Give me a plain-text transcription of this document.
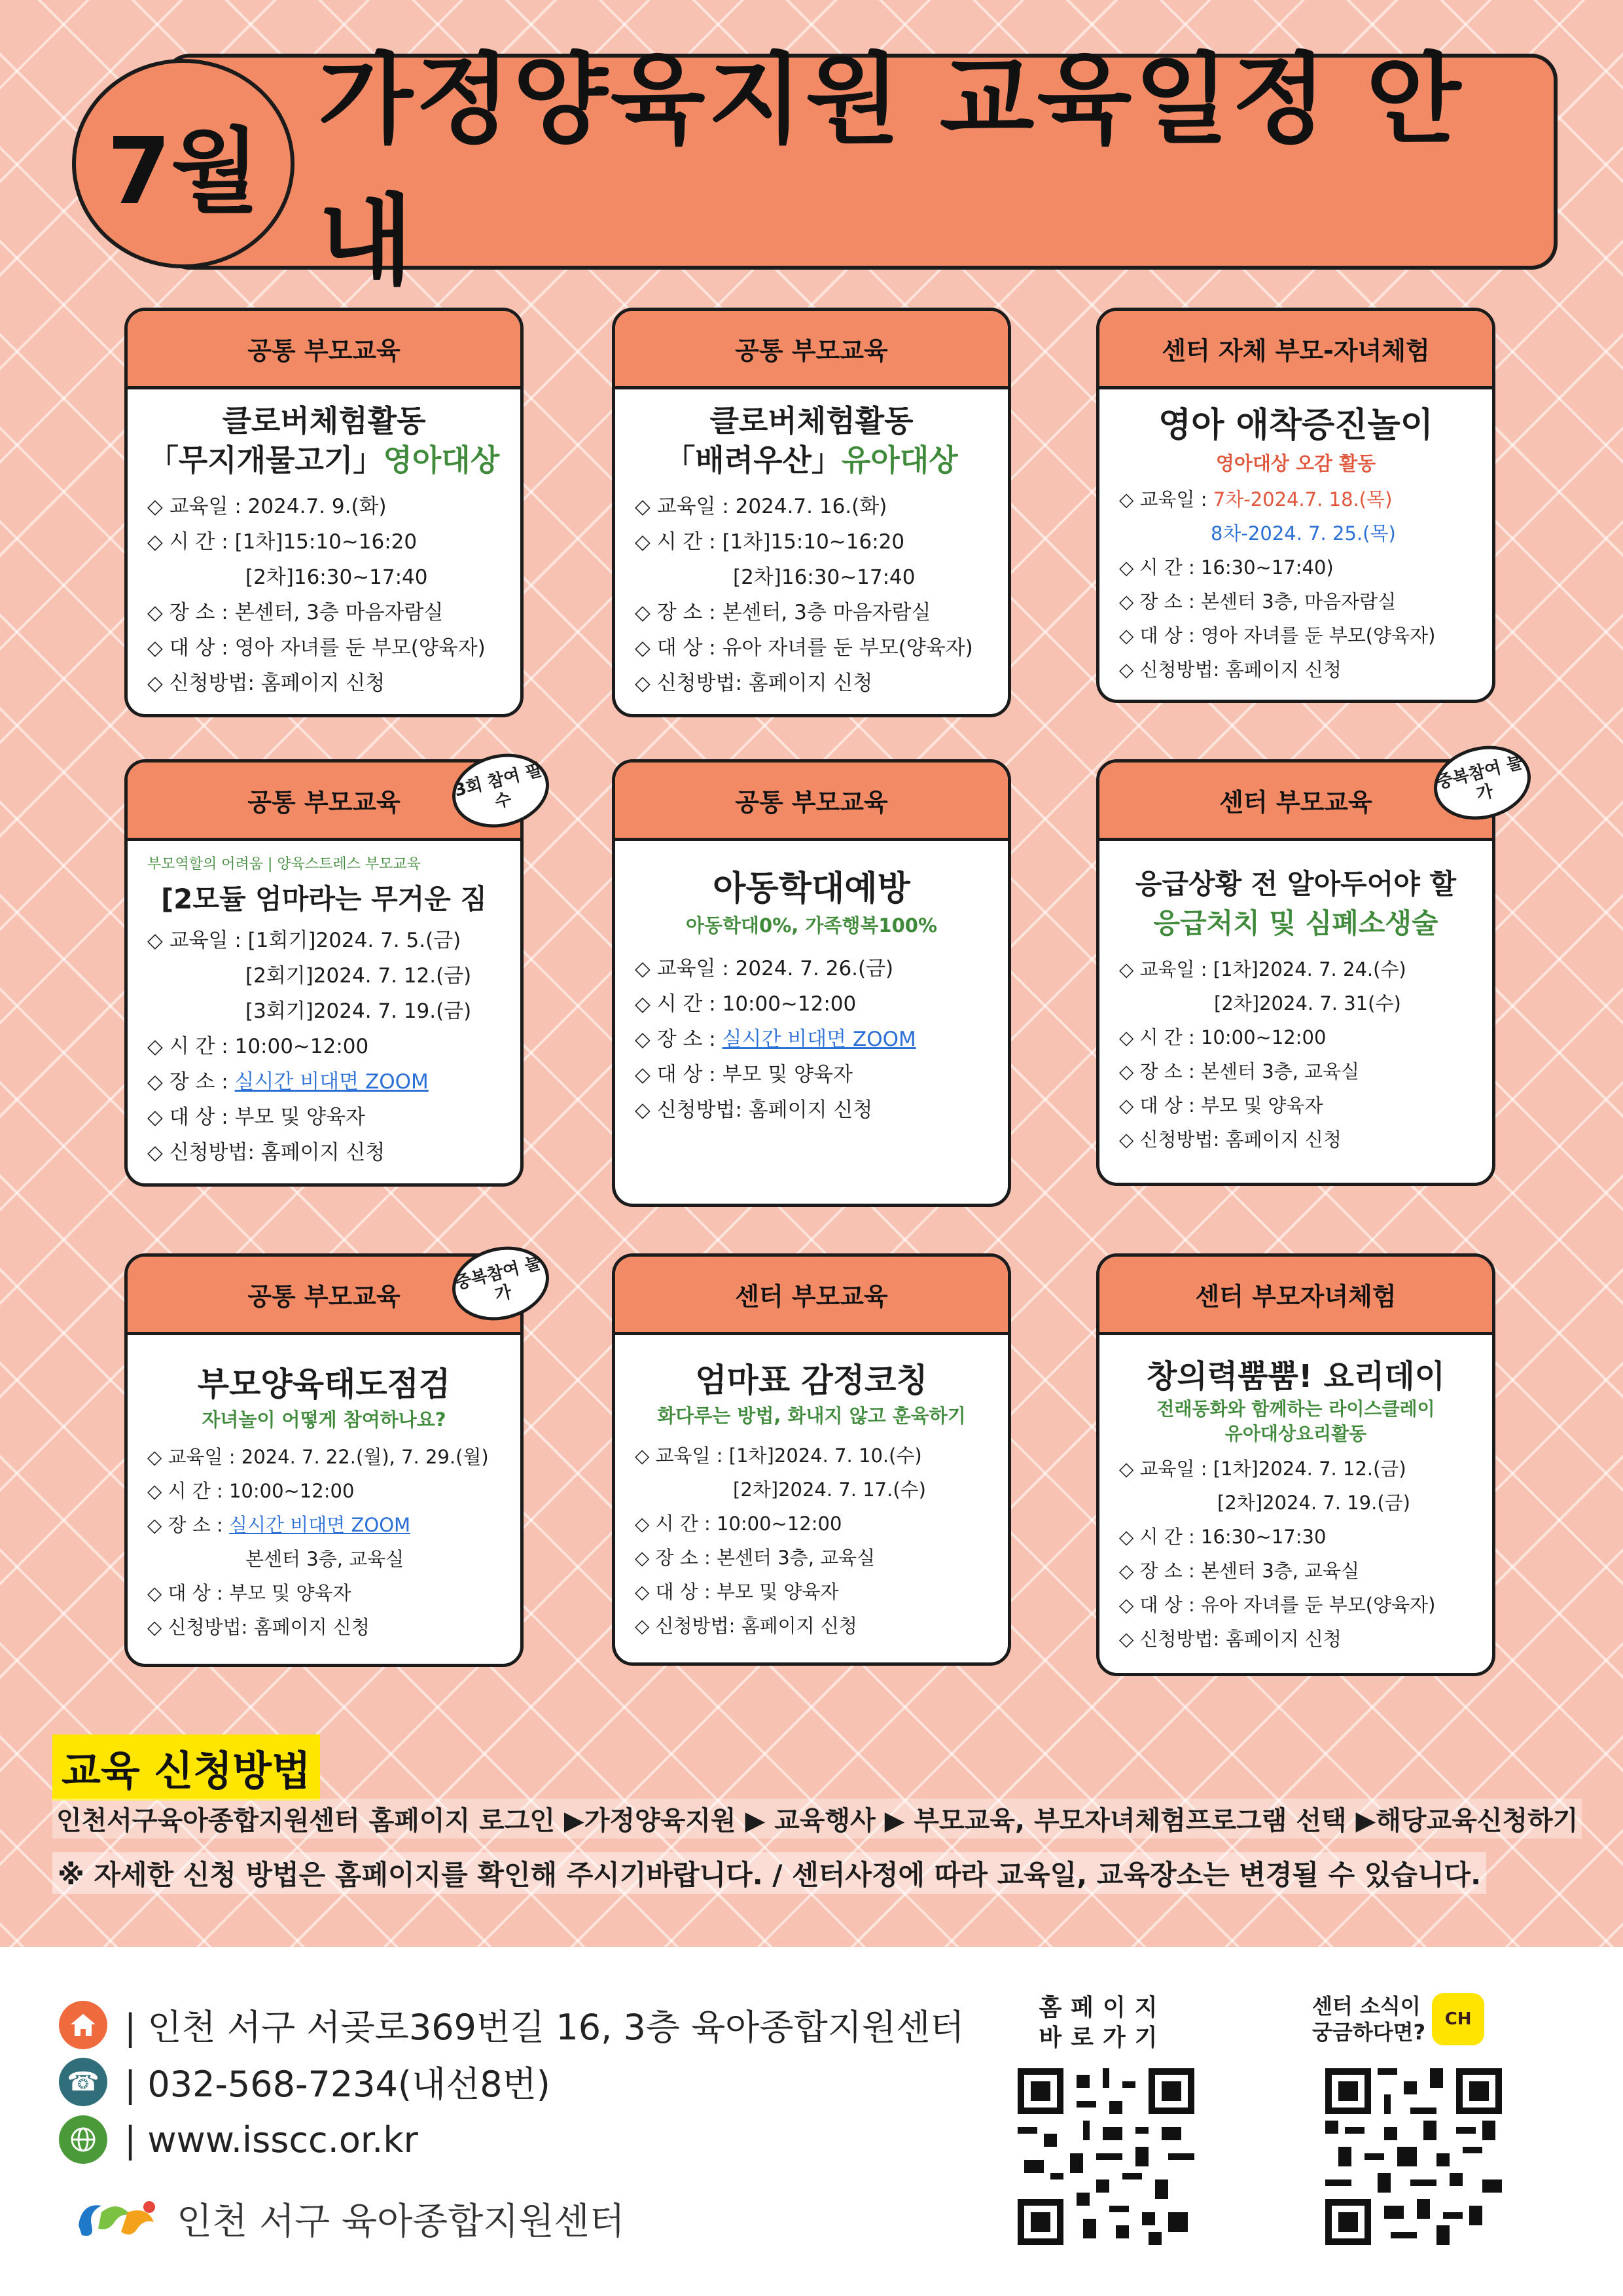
가정양육지원 교육일정 안내
7월
공통 부모교육
클로버체험활동
「무지개물고기」영아대상
◇ 교육일 : 2024.7. 9.(화)
◇ 시 간 : [1차]15:10~16:20
[2차]16:30~17:40
◇ 장 소 : 본센터, 3층 마음자람실
◇ 대 상 : 영아 자녀를 둔 부모(양육자)
◇ 신청방법: 홈페이지 신청
공통 부모교육
클로버체험활동
「배려우산」유아대상
◇ 교육일 : 2024.7. 16.(화)
◇ 시 간 : [1차]15:10~16:20
[2차]16:30~17:40
◇ 장 소 : 본센터, 3층 마음자람실
◇ 대 상 : 유아 자녀를 둔 부모(양육자)
◇ 신청방법: 홈페이지 신청
센터 자체 부모-자녀체험
영아 애착증진놀이
영아대상 오감 활동
◇ 교육일 : 7차-2024.7. 18.(목)
8차-2024. 7. 25.(목)
◇ 시 간 : 16:30~17:40)
◇ 장 소 : 본센터 3층, 마음자람실
◇ 대 상 : 영아 자녀를 둔 부모(양육자)
◇ 신청방법: 홈페이지 신청
공통 부모교육
부모역할의 어려움 | 양육스트레스 부모교육
[2모듈 엄마라는 무거운 짐
◇ 교육일 : [1회기]2024. 7. 5.(금)
[2회기]2024. 7. 12.(금)
[3회기]2024. 7. 19.(금)
◇ 시 간 : 10:00~12:00
◇ 장 소 : 실시간 비대면 ZOOM
◇ 대 상 : 부모 및 양육자
◇ 신청방법: 홈페이지 신청
3회 참여 필수	공통 부모교육
아동학대예방
아동학대0%, 가족행복100%
◇ 교육일 : 2024. 7. 26.(금)
◇ 시 간 : 10:00~12:00
◇ 장 소 : 실시간 비대면 ZOOM
◇ 대 상 : 부모 및 양육자
◇ 신청방법: 홈페이지 신청
센터 부모교육
응급상황 전 알아두어야 할
응급처치 및 심폐소생술
◇ 교육일 : [1차]2024. 7. 24.(수)
[2차]2024. 7. 31(수)
◇ 시 간 : 10:00~12:00
◇ 장 소 : 본센터 3층, 교육실
◇ 대 상 : 부모 및 양육자
◇ 신청방법: 홈페이지 신청
중복참여 불가
공통 부모교육
부모양육태도점검
자녀놀이 어떻게 참여하나요?
◇ 교육일 : 2024. 7. 22.(월), 7. 29.(월)
◇ 시 간 : 10:00~12:00
◇ 장 소 : 실시간 비대면 ZOOM
본센터 3층, 교육실
◇ 대 상 : 부모 및 양육자
◇ 신청방법: 홈페이지 신청
중복참여 불가	센터 부모교육
엄마표 감정코칭
화다루는 방법, 화내지 않고 훈육하기
◇ 교육일 : [1차]2024. 7. 10.(수)
[2차]2024. 7. 17.(수)
◇ 시 간 : 10:00~12:00
◇ 장 소 : 본센터 3층, 교육실
◇ 대 상 : 부모 및 양육자
◇ 신청방법: 홈페이지 신청
센터 부모자녀체험
창의력뿜뿜! 요리데이
전래동화와 함께하는 라이스클레이
유아대상요리활동
◇ 교육일 : [1차]2024. 7. 12.(금)
[2차]2024. 7. 19.(금)
◇ 시 간 : 16:30~17:30
◇ 장 소 : 본센터 3층, 교육실
◇ 대 상 : 유아 자녀를 둔 부모(양육자)
◇ 신청방법: 홈페이지 신청
교육 신청방법
인천서구육아종합지원센터 홈페이지 로그인 ▶가정양육지원 ▶ 교육행사 ▶ 부모교육, 부모자녀체험프로그램 선택 ▶해당교육신청하기
※ 자세한 신청 방법은 홈페이지를 확인해 주시기바랍니다. / 센터사정에 따라 교육일, 교육장소는 변경될 수 있습니다.
| 인천 서구 서곶로369번길 16, 3층 육아종합지원센터
☎ | 032-568-7234(내선8번)
| www.isscc.or.kr
인천 서구 육아종합지원센터
홈페이지
바로가기
센터 소식이
궁금하다면?
CH
